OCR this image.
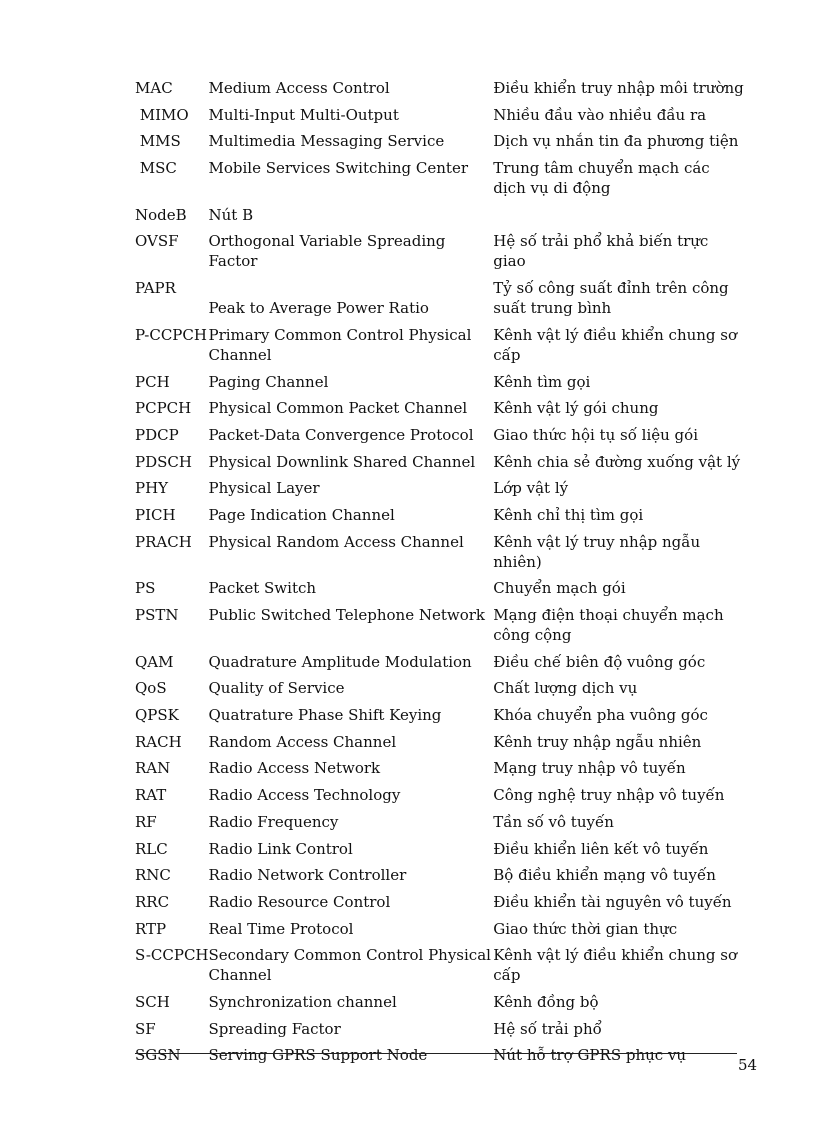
MAC	Medium Access Control	Điều khiển truy nhập môi trường
MIMO	Multi-Input Multi-Output	Nhiều đầu vào nhiều đầu ra
MMS	Multimedia Messaging Service	Dịch vụ nhắn tin đa phương tiện
MSC	Mobile Services Switching Center	Trung tâm chuyển mạch các dịch vụ di động
NodeB	Nút B	
OVSF	Orthogonal Variable Spreading Factor	Hệ số trải phổ khả biến trực giao
PAPR	Peak to Average Power Ratio	Tỷ số công suất đỉnh trên công suất trung bình
P-CCPCH	Primary Common Control Physical Channel	Kênh vật lý điều khiển chung sơ cấp
PCH	Paging Channel	Kênh tìm gọi
PCPCH	Physical Common Packet Channel	Kênh vật lý gói chung
PDCP	Packet-Data Convergence Protocol	Giao thức hội tụ số liệu gói
PDSCH	Physical Downlink Shared Channel	Kênh chia sẻ đường xuống vật lý
PHY	Physical Layer	Lớp vật lý
PICH	Page Indication Channel	Kênh chỉ thị tìm gọi
PRACH	Physical Random Access Channel	Kênh vật lý truy nhập ngẫu nhiên)
PS	Packet Switch	Chuyển mạch gói
PSTN	Public Switched Telephone Network	Mạng điện thoại chuyển mạch công cộng
QAM	Quadrature Amplitude Modulation	Điều chế biên độ vuông góc
QoS	Quality of Service	Chất lượng dịch vụ
QPSK	Quatrature Phase Shift Keying	Khóa chuyển pha vuông góc
RACH	Random Access Channel	Kênh truy nhập ngẫu nhiên
RAN	Radio Access Network	Mạng truy nhập vô tuyến
RAT	Radio Access Technology	Công nghệ truy nhập vô tuyến
RF	Radio Frequency	Tần số vô tuyến
RLC	Radio Link Control	Điều khiển liên kết vô tuyến
RNC	Radio Network Controller	Bộ điều khiển mạng vô tuyến
RRC	Radio Resource Control	Điều khiển tài nguyên vô tuyến
RTP	Real Time Protocol	Giao thức thời gian thực
S-CCPCH	Secondary Common Control Physical Channel	Kênh vật lý điều khiển chung sơ cấp
SCH	Synchronization channel	Kênh đồng bộ
SF	Spreading Factor	Hệ số trải phổ
SGSN	Serving GPRS Support Node	Nút hỗ trợ GPRS phục vụ
54
